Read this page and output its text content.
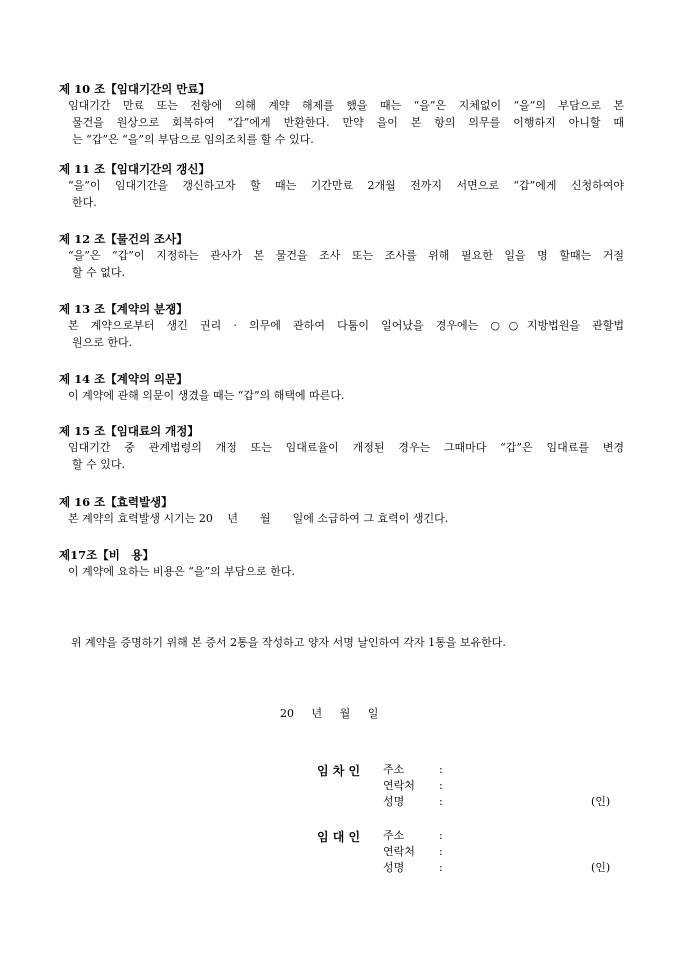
제 10 조【임대기간의 만료】
임대기간 만료 또는 전항에 의해 계약 해제를 했을 때는 “을”은 지체없이 “을”의 부담으로 본
물건을 원상으로 회복하여 “갑”에게 반환한다. 만약 을이 본 항의 의무를 이행하지 아니할 때
는 “갑”은 “을”의 부담으로 임의조치를 할 수 있다.
제 11 조【임대기간의 갱신】
“을”이 임대기간을 갱신하고자 할 때는 기간만료 2개월 전까지 서면으로 “갑”에게 신청하여야
한다.
제 12 조【물건의 조사】
“을”은 “갑”이 지정하는 관사가 본 물건을 조사 또는 조사를 위해 필요한 일을 명 할때는 거절
할 수 없다.
제 13 조【계약의 분쟁】
본 계약으로부터 생긴 권리 · 의무에 관하여 다툼이 일어났을 경우에는 ○○지방법원을 관할법
원으로 한다.
제 14 조【계약의 의문】
이 계약에 관해 의문이 생겼을 때는 “갑”의 해택에 따른다.
제 15 조【임대료의 개정】
임대기간 중 관계법령의 개정 또는 임대료율이 개정된 경우는 그때마다 “갑”은 임대료를 변경
할 수 있다.
제 16 조【효력발생】
본 계약의 효력발생 시기는 20　 년　　월　　일에 소급하여 그 효력이 생긴다.
제17조【비　용】
이 계약에 요하는 비용은 “을”의 부담으로 한다.
위 계약을 증명하기 위해 본 증서 2통을 작성하고 양자 서명 날인하여 각자 1통을 보유한다.
20 년 월 일
임 차 인 주소	:
연락처 :
성명	:	(인)
임 대 인 주소	:
연락처 :
성명	:	(인)
